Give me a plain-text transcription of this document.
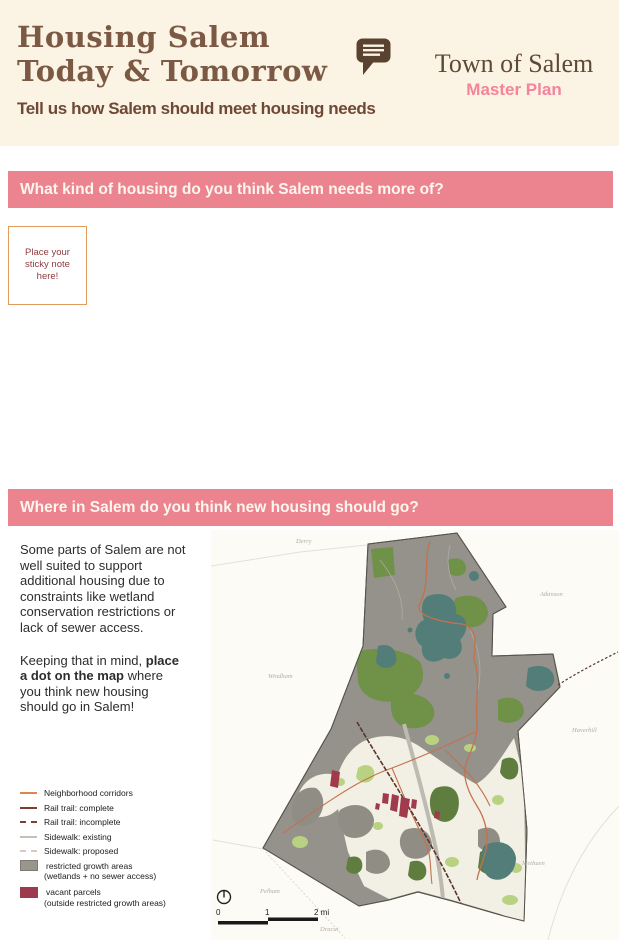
Housing Salem
Today & Tomorrow
Tell us how Salem should meet housing needs
Town of Salem
Master Plan
What kind of housing do you think Salem needs more of?
Place your sticky note here!
Where in Salem do you think new housing should go?

Some parts of Salem are not well suited to support additional housing due to constraints like wetland conservation restrictions or lack of sewer access.

Keeping that in mind, place a dot on the map where you think new housing should go in Salem!

Neighborhood corridors
Rail trail: complete
Rail trail: incomplete
Sidewalk: existing
Sidewalk: proposed
restricted growth areas
(wetlands + no sewer access)
vacant parcels
(outside restricted growth areas)
Derry
Windham
Atkinson
Haverhill
Methuen
Pelham
Dracut
0	1	2 mi
